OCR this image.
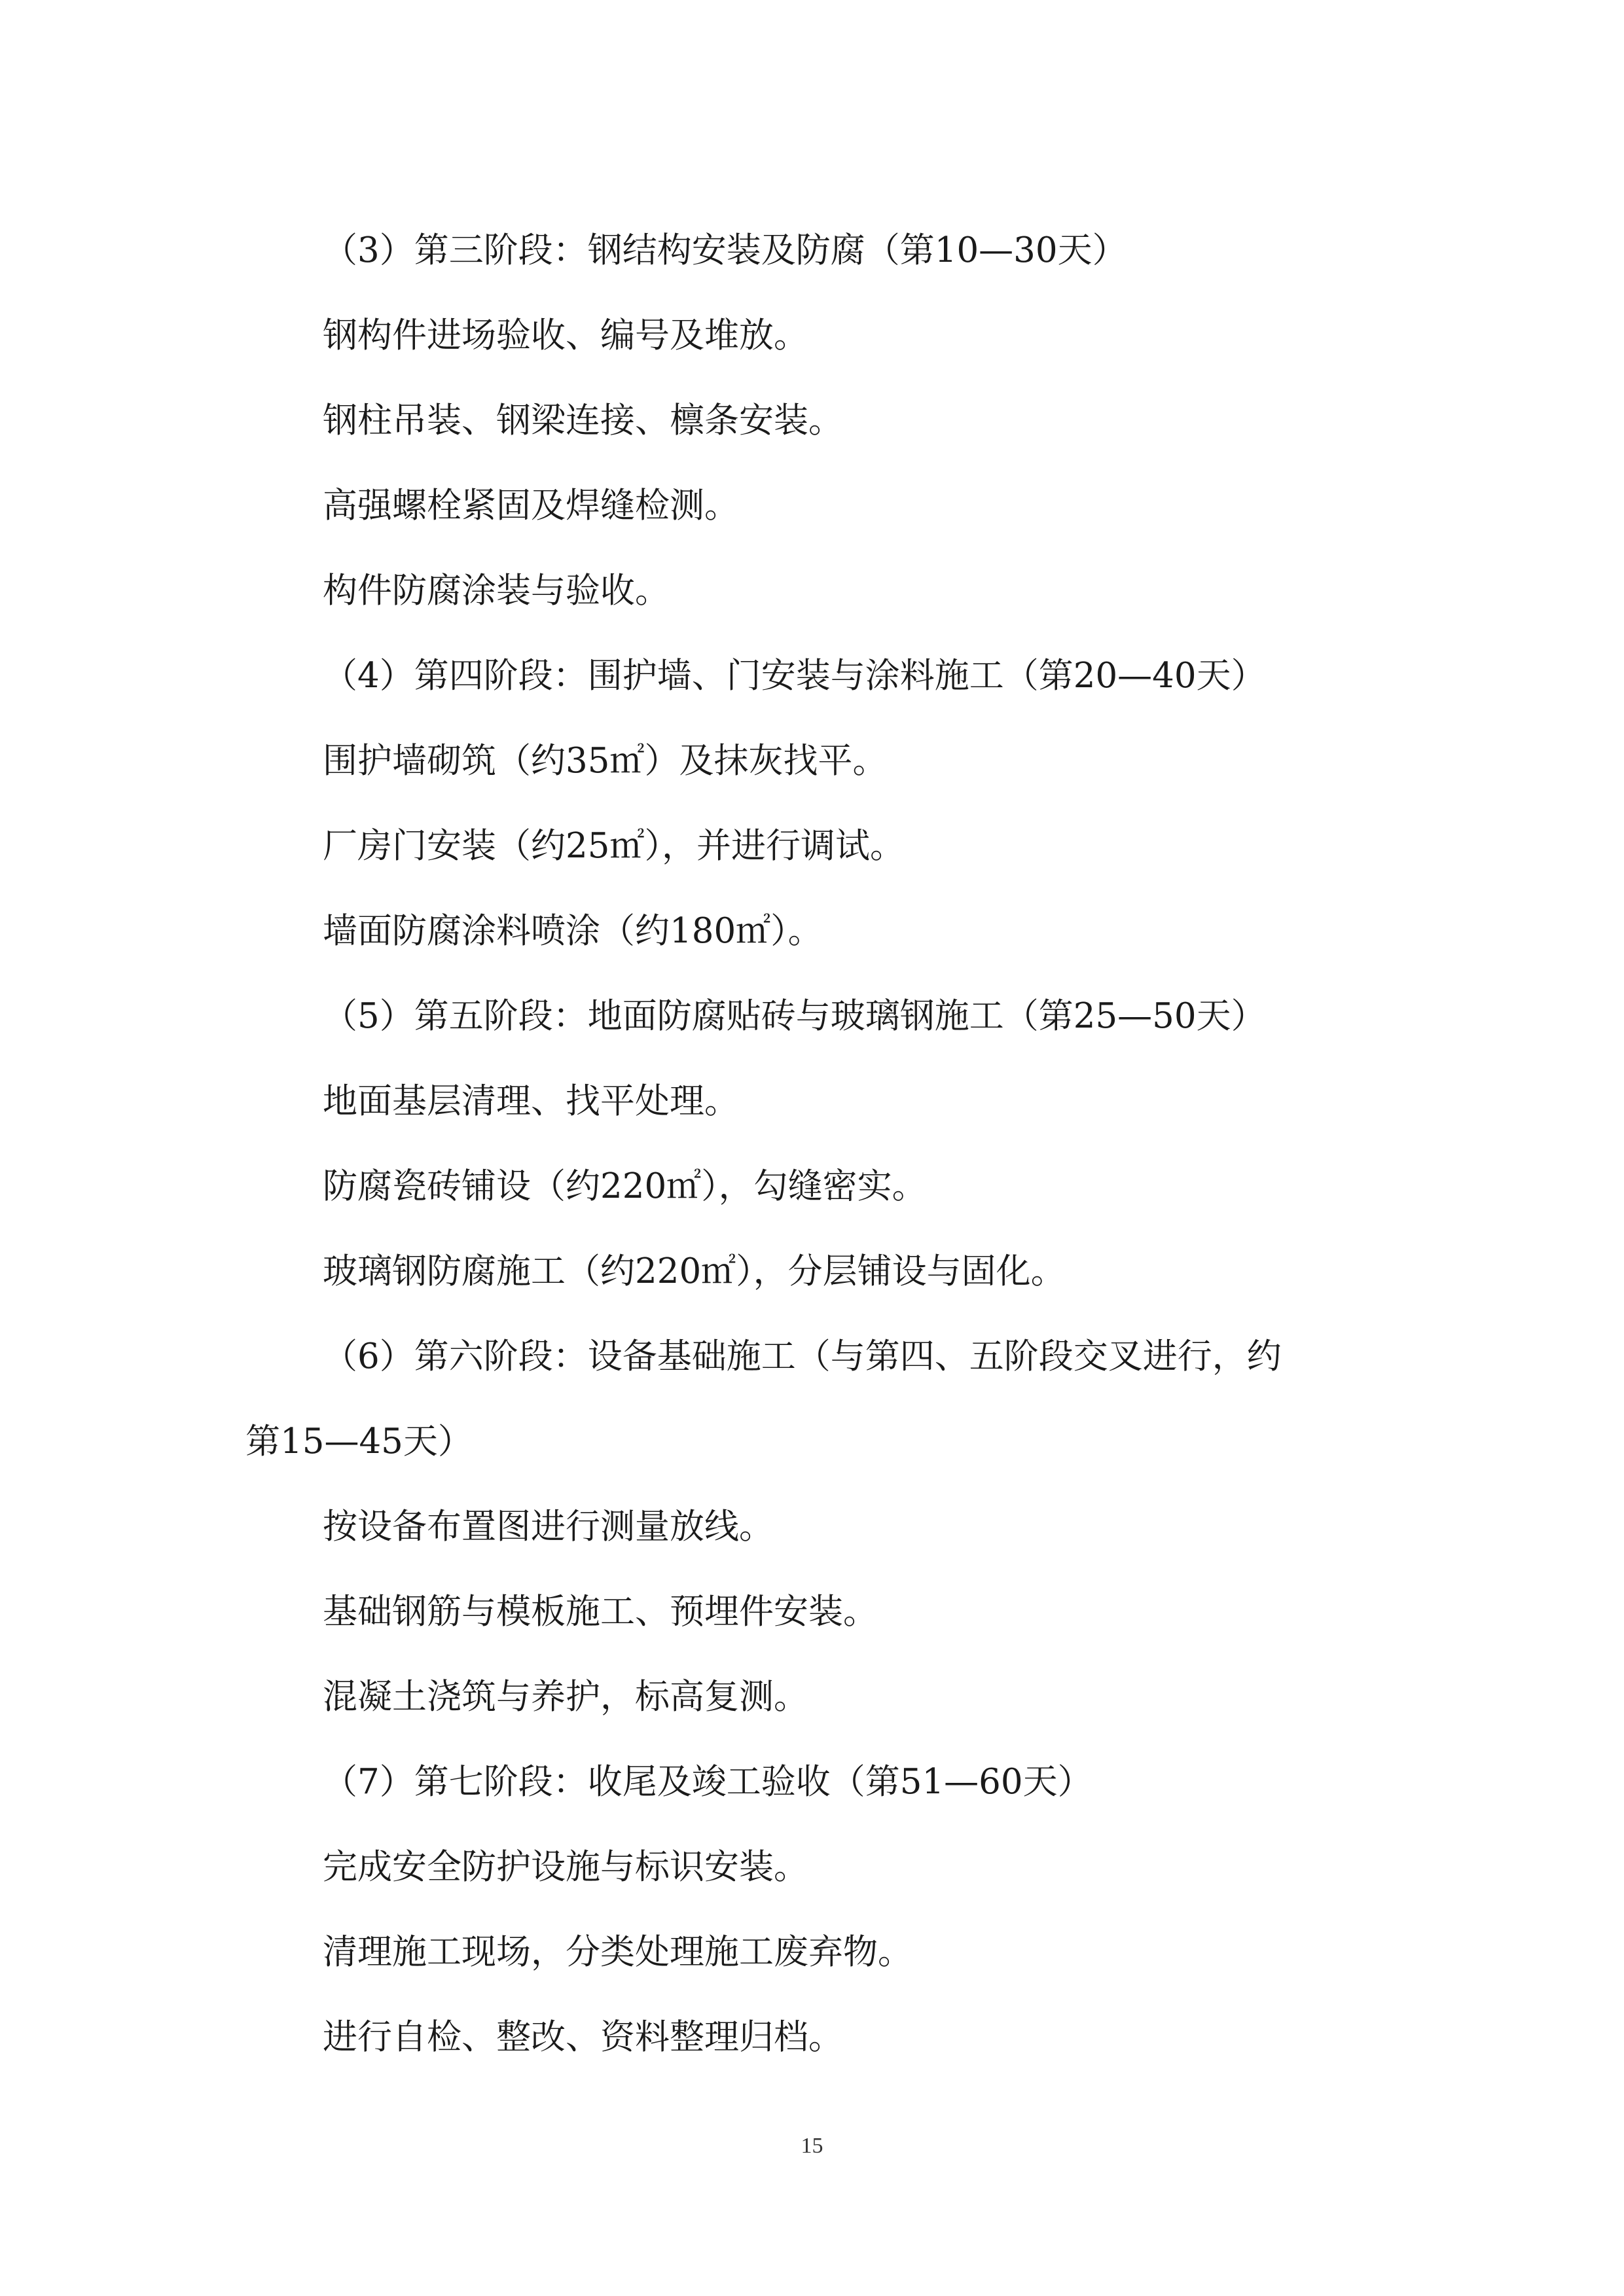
（3）第三阶段：钢结构安装及防腐（第10—30天）
钢构件进场验收、编号及堆放。
钢柱吊装、钢梁连接、檩条安装。
高强螺栓紧固及焊缝检测。
构件防腐涂装与验收。
（4）第四阶段：围护墙、门安装与涂料施工（第20—40天）
围护墙砌筑（约35㎡）及抹灰找平。
厂房门安装（约25㎡），并进行调试。
墙面防腐涂料喷涂（约180㎡）。
（5）第五阶段：地面防腐贴砖与玻璃钢施工（第25—50天）
地面基层清理、找平处理。
防腐瓷砖铺设（约220㎡），勾缝密实。
玻璃钢防腐施工（约220㎡），分层铺设与固化。
（6）第六阶段：设备基础施工（与第四、五阶段交叉进行，约
第15—45天）
按设备布置图进行测量放线。
基础钢筋与模板施工、预埋件安装。
混凝土浇筑与养护，标高复测。
（7）第七阶段：收尾及竣工验收（第51—60天）
完成安全防护设施与标识安装。
清理施工现场，分类处理施工废弃物。
进行自检、整改、资料整理归档。
15
